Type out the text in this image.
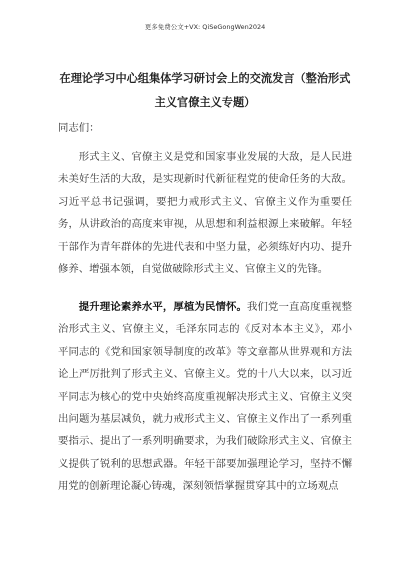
更多免费公文+VX: QiSeGongWen2024
在理论学习中心组集体学习研讨会上的交流发言（整治形式主义官僚主义专题）
同志们：

形式主义、官僚主义是党和国家事业发展的大敌，是人民进未美好生活的大敌，是实现新时代新征程党的使命任务的大敌。习近平总书记强调，要把力戒形式主义、官僚主义作为重要任务，从讲政治的高度来审视，从思想和利益根源上来破解。年轻干部作为青年群体的先进代表和中坚力量，必须练好内功、提升修养、增强本领，自觉做破除形式主义、官僚主义的先锋。

提升理论素养水平，厚植为民情怀。我们党一直高度重视整治形式主义、官僚主义，毛泽东同志的《反对本本主义》，邓小平同志的《党和国家领导制度的改革》等文章都从世界观和方法论上严厉批判了形式主义、官僚主义。党的十八大以来，以习近平同志为核心的党中央始终高度重视解决形式主义、官僚主义突出问题为基层减负，就力戒形式主义、官僚主义作出了一系列重要指示、提出了一系列明确要求，为我们破除形式主义、官僚主义提供了锐利的思想武器。年轻干部要加强理论学习，坚持不懈用党的创新理论凝心铸魂，深刻领悟掌握贯穿其中的立场观点
